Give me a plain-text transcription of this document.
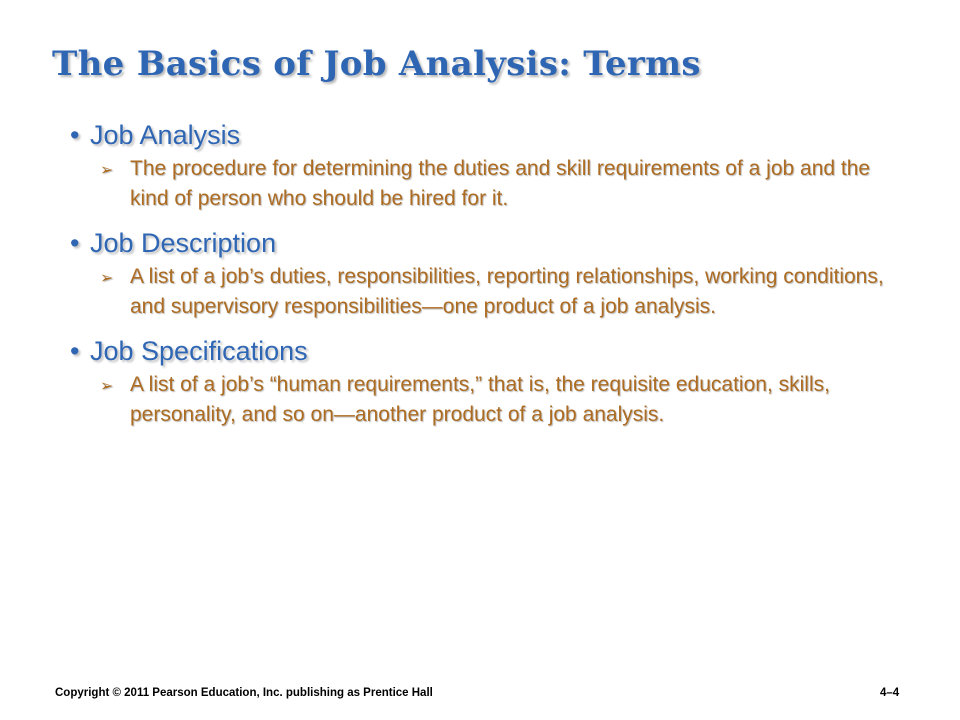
The Basics of Job Analysis: Terms
• Job Analysis
➢ The procedure for determining the duties and skill requirements of a job and the kind of person who should be hired for it.
• Job Description
➢ A list of a job’s duties, responsibilities, reporting relationships, working conditions, and supervisory responsibilities—one product of a job analysis.
• Job Specifications
➢ A list of a job’s “human requirements,” that is, the requisite education, skills, personality, and so on—another product of a job analysis.
Copyright © 2011 Pearson Education, Inc. publishing as Prentice Hall	4–4
